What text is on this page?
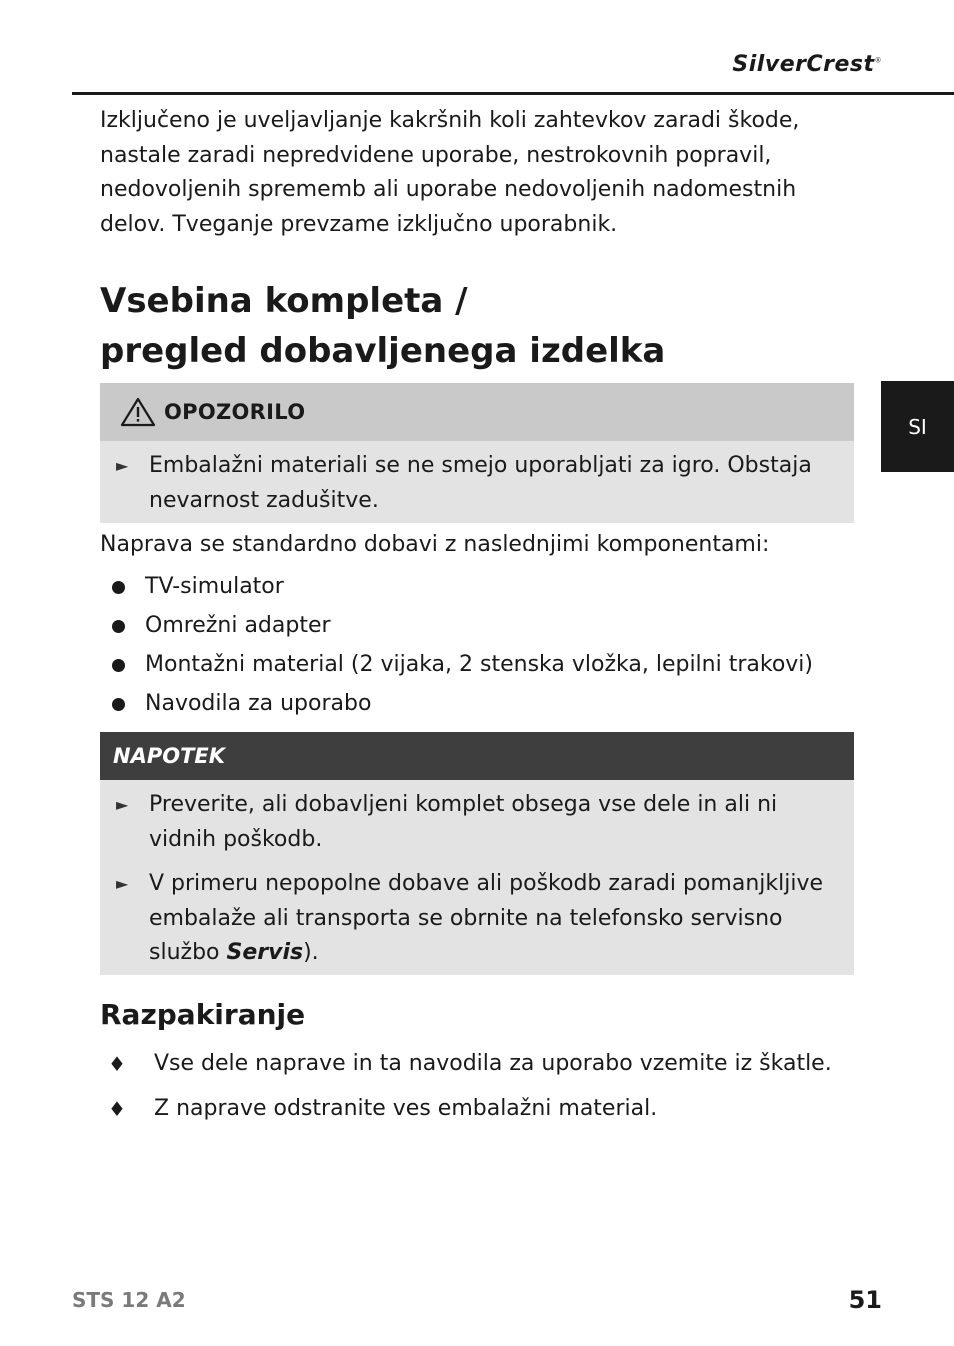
SilverCrest®
SI

Izključeno je uveljavljanje kakršnih koli zahtevkov zaradi škode, nastale zaradi nepredvidene uporabe, nestrokovnih popravil, nedovoljenih sprememb ali uporabe nedovoljenih nadomestnih delov. Tveganje prevzame izključno uporabnik.

Vsebina kompleta /
pregled dobavljenega izdelka
OPOZORILO
► Embalažni materiali se ne smejo uporabljati za igro. Obstaja nevarnost zadušitve.

Naprava se standardno dobavi z naslednjimi komponentami:

TV-simulator
Omrežni adapter
Montažni material (2 vijaka, 2 stenska vložka, lepilni trakovi)
Navodila za uporabo
NAPOTEK
► Preverite, ali dobavljeni komplet obsega vse dele in ali ni vidnih poškodb.
► V primeru nepopolne dobave ali poškodb zaradi pomanjkljive embalaže ali transporta se obrnite na telefonsko servisno službo Servis).
Razpakiranje
♦ Vse dele naprave in ta navodila za uporabo vzemite iz škatle.
♦ Z naprave odstranite ves embalažni material.
STS 12 A2	51
